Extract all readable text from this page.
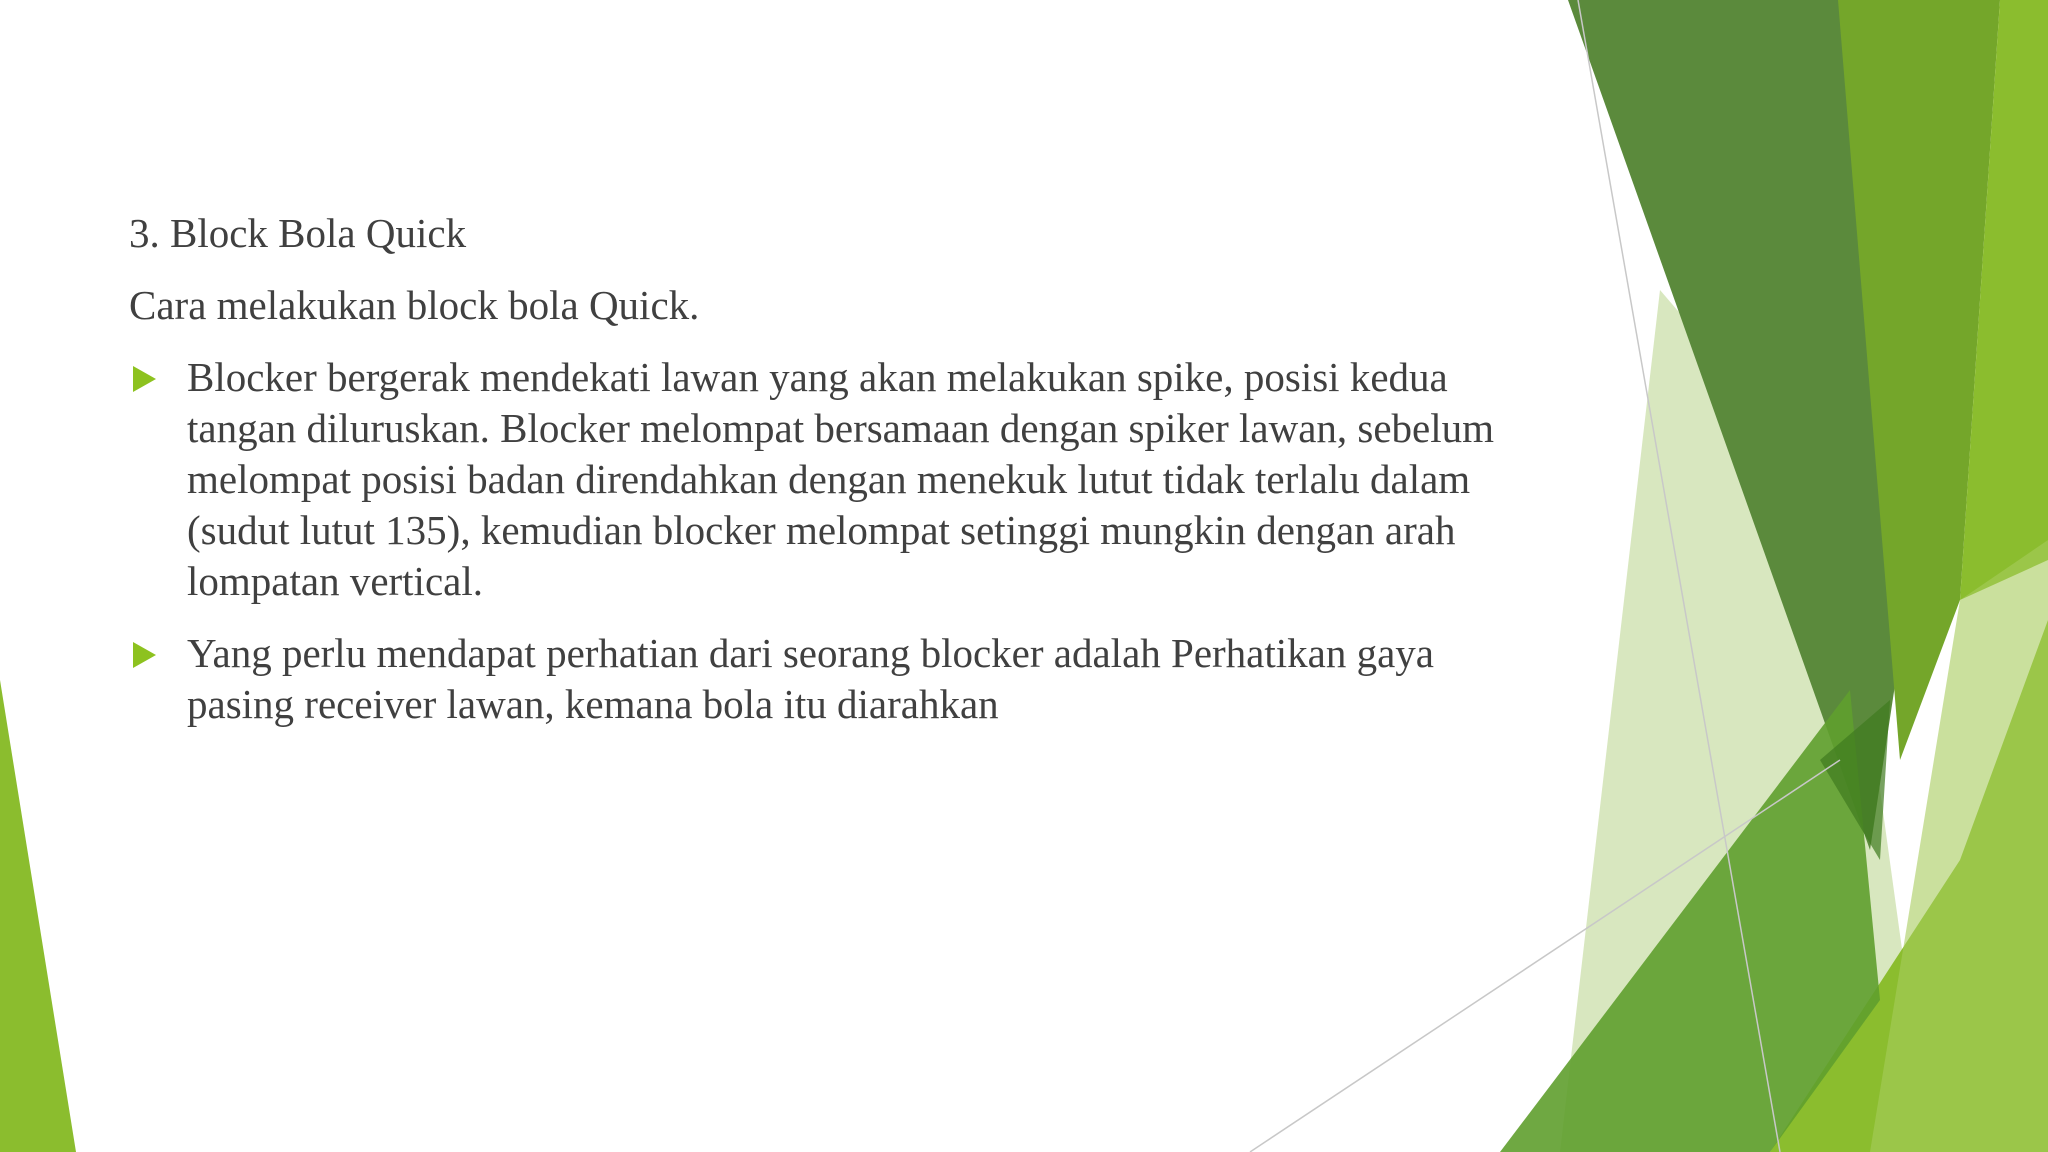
3. Block Bola Quick

Cara melakukan block bola Quick.

Blocker bergerak mendekati lawan yang akan melakukan spike, posisi kedua tangan diluruskan. Blocker melompat bersamaan dengan spiker lawan, sebelum melompat posisi badan direndahkan dengan menekuk lutut tidak terlalu dalam (sudut lutut 135), kemudian blocker melompat setinggi mungkin dengan arah lompatan vertical.
Yang perlu mendapat perhatian dari seorang blocker adalah Perhatikan gaya pasing receiver lawan, kemana bola itu diarahkan
